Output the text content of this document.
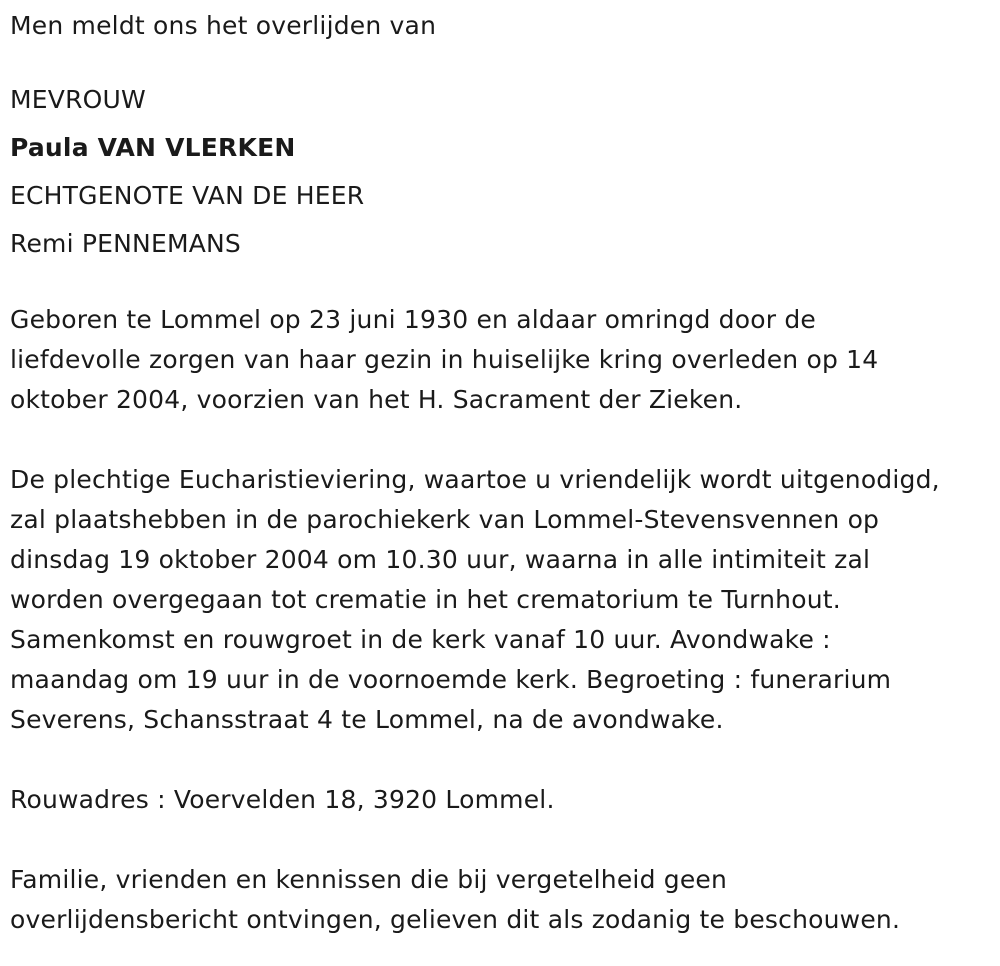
Men meldt ons het overlijden van
MEVROUW
Paula VAN VLERKEN
ECHTGENOTE VAN DE HEER
Remi PENNEMANS
Geboren te Lommel op 23 juni 1930 en aldaar omringd door de
liefdevolle zorgen van haar gezin in huiselijke kring overleden op 14
oktober 2004, voorzien van het H. Sacrament der Zieken.
De plechtige Eucharistieviering, waartoe u vriendelijk wordt uitgenodigd,
zal plaatshebben in de parochiekerk van Lommel-Stevensvennen op
dinsdag 19 oktober 2004 om 10.30 uur, waarna in alle intimiteit zal
worden overgegaan tot crematie in het crematorium te Turnhout.
Samenkomst en rouwgroet in de kerk vanaf 10 uur. Avondwake :
maandag om 19 uur in de voornoemde kerk. Begroeting : funerarium
Severens, Schansstraat 4 te Lommel, na de avondwake.
Rouwadres : Voervelden 18, 3920 Lommel.
Familie, vrienden en kennissen die bij vergetelheid geen
overlijdensbericht ontvingen, gelieven dit als zodanig te beschouwen.
